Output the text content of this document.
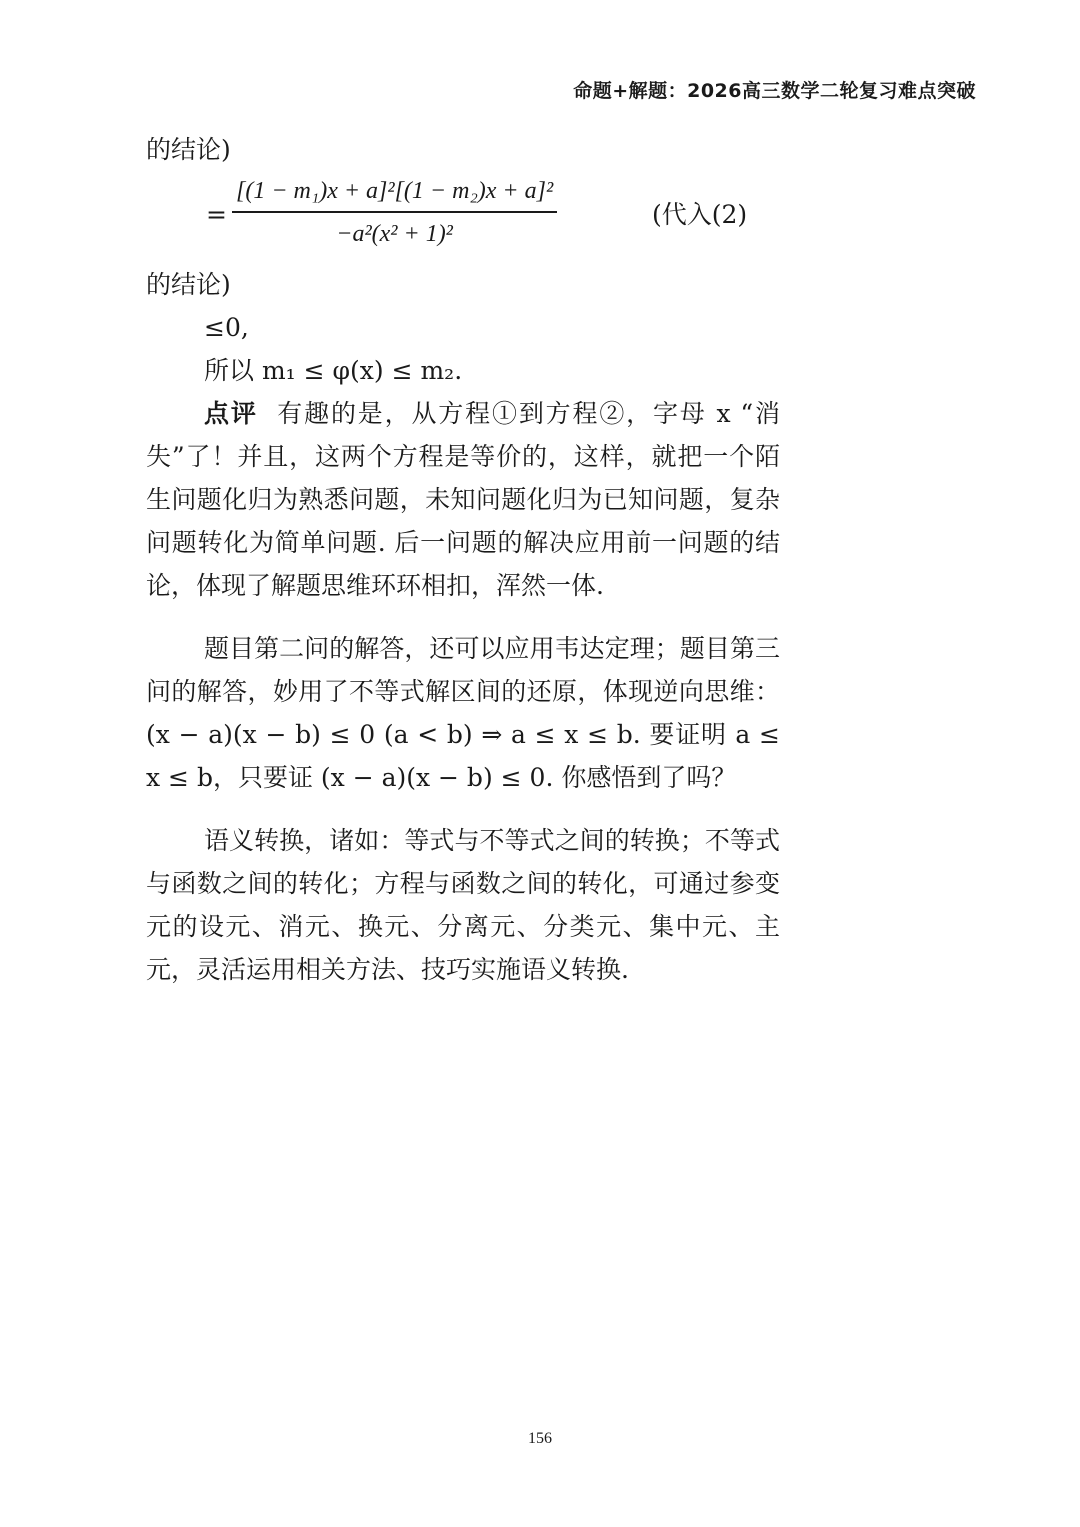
命题+解题：2026高三数学二轮复习难点突破
的结论)
=
[(1 − m₁)x + a]²[(1 − m₂)x + a]²
−a²(x² + 1)²
(代入(2)
的结论)
≤0,
所以 m₁ ≤ φ(x) ≤ m₂.

点评 有趣的是，从方程①到方程②，字母 x “消失”了！并且，这两个方程是等价的，这样，就把一个陌生问题化归为熟悉问题，未知问题化归为已知问题，复杂问题转化为简单问题. 后一问题的解决应用前一问题的结论，体现了解题思维环环相扣，浑然一体.

题目第二问的解答，还可以应用韦达定理；题目第三问的解答，妙用了不等式解区间的还原，体现逆向思维：(x − a)(x − b) ≤ 0 (a < b) ⇒ a ≤ x ≤ b. 要证明 a ≤ x ≤ b，只要证 (x − a)(x − b) ≤ 0. 你感悟到了吗？

语义转换，诸如：等式与不等式之间的转换；不等式与函数之间的转化；方程与函数之间的转化，可通过参变元的设元、消元、换元、分离元、分类元、集中元、主元，灵活运用相关方法、技巧实施语义转换.

156
